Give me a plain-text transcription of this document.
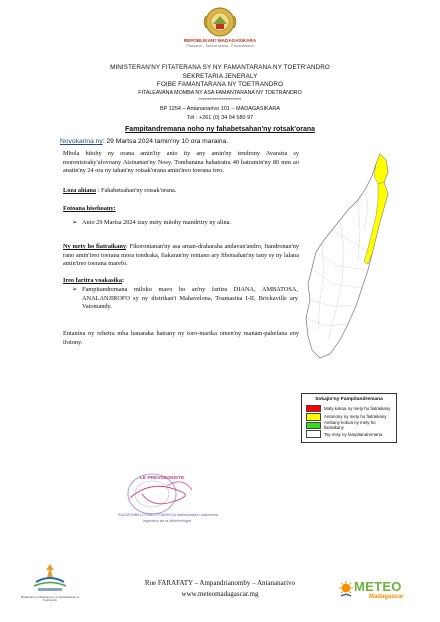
REPOBLIKAN'I MADAGASIKARA
Fitiavana - Tanindrazana - Fandrosoana
MINISTERAN'NY FITATERANA SY NY FAMANTARANA NY TOETR'ANDRO
SEKRETARIA JENERALY
FOIBE FAMANTARANA NY TOETRANDRO
FITALEAVANA MOMBA NY ASA FAMANTARANA NY TOETRANDRO
************************
BP 1254 – Antananarivo 101 – MADAGASIKARA
Tél : +261 (0) 34 94 580 97
Fampitandremana noho ny fahabetsahan'ny rotsak'orana
Novokarina ny: 29 Martsa 2024 tamin'ny 10 ora maraina.
Mbola hitohy ny orana amin'ity anio ity any amin'ny tendrony Avaratra sy morontsiraky'afovoany Atsinanan'ny Nosy. Tombanana hahatratra 40 hatramin'ny 80 mm ao anatin'ny 24 ora ny tahan'ny rotsak'orana amin'ireo toerana ireo.
Loza ahiana : Fahabetsahan'ny rotsak'orana.
Fotoana hisehoany:
➢   Anio 29 Martsa 2024 izay mety mitohy mandritry ny alina.
Ny mety ho fiatraikany: Fikorontanan'ny asa aman-draharaha andavan'andro, fiandronan'ny rano amin'ireo toerana mora tondraka, fiakaran'ny reniano ary fihotsahan'ny tany sy ny lalana amin'ireo toerana marefo.
Ireo faritra voakasika:
➢ Fampitandremana miloko mavo ho an'ny faritra DIANA, AMBATOSA, ANALANJIROFO sy ny distrikan'i Mahavelona, Toamasina I-II, Brickaville ary Vatomandy.
Entanina ny rehetra mba hanaraka hatrany ny toro-marika omen'ny manam-pahefana eny ifotony.
Sokajin'ny Fampitandremana
Mafy kokoa ny mety ho fiatraikany
Antonony ny mety ho fiatraikany
Ambany kokoa ny mety ho fiatraikany
Tsy misy ny fampitandremana
LE PREVISIONISTE
RAZAFIMBELO RAKOTOARISOA Mahandrana Lalaonirina
Ingénieur de la Météorologie
Ministeran'ny Fitaterana sy ny Famantarana ny Toetr'andro
Rue FARAFATY – Ampandrianomby – Antananarivo
www.meteomadagascar.mg	METEO
Madagascar
